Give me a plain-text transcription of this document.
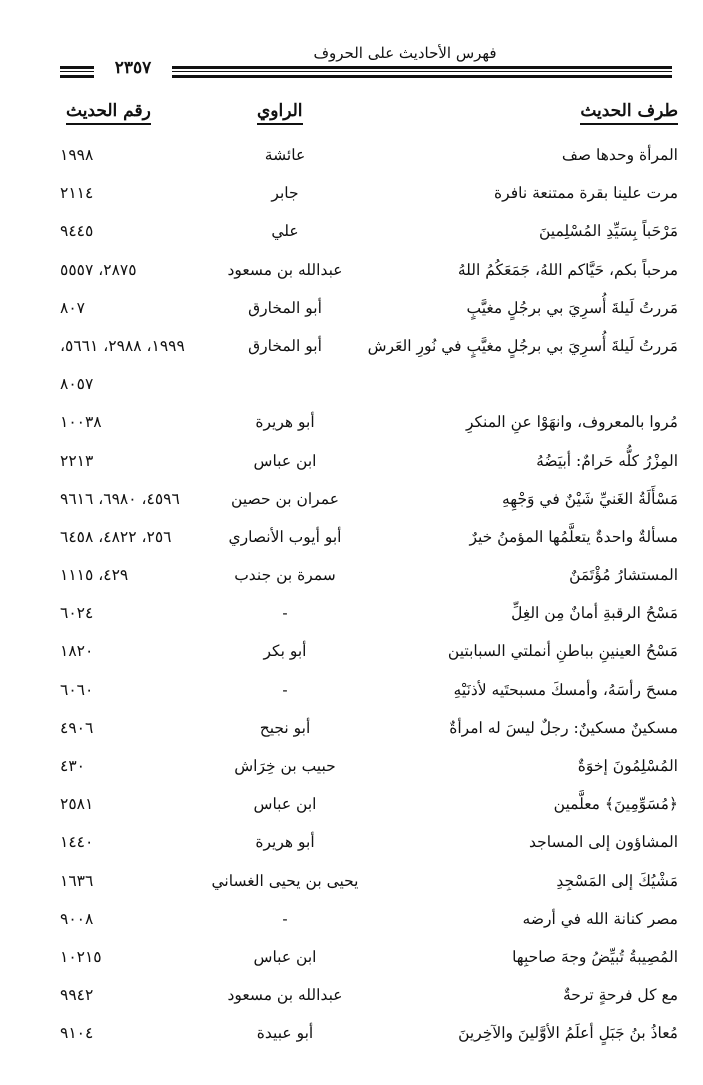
فهرس الأحاديث على الحروف
٢٣٥٧
طرف الحديث
الراوي
رقم الحديث
المرأة وحدها صف
عائشة
١٩٩٨
مرت علينا بقرة ممتنعة نافرة
جابر
٢١١٤
مَرْحَباً بِسَيِّدِ المُسْلِمينَ
علي
٩٤٤٥
مرحباً بكم، حَيَّاكم اللهُ، جَمَعَكُمُ اللهُ
عبدالله بن مسعود
٢٨٧٥، ٥٥٥٧
مَررتُ لَيلةَ أُسرِيَ بي برجُلٍ مغيَّبٍ
أبو المخارق
٨٠٧
مَررتُ لَيلةَ أُسرِيَ بي برجُلٍ مغيَّبٍ في نُورِ العَرش
أبو المخارق
١٩٩٩، ٢٩٨٨، ٥٦٦١،
٨٠٥٧
مُروا بالمعروف، وانهَوْا عنِ المنكرِ
أبو هريرة
١٠٠٣٨
المِزْرُ كلُّه حَرامٌ: أبيَضُهُ
ابن عباس
٢٢١٣
مَسْأَلَةُ الغَنيِّ شَيْنٌ في وَجْهِهِ
عمران بن حصين
٤٥٩٦، ٦٩٨٠، ٩٦١٦
مسألةٌ واحدةٌ يتعلَّمُها المؤمنُ خيرٌ
أبو أيوب الأنصاري
٢٥٦، ٤٨٢٢، ٦٤٥٨
المستشارُ مُؤْتَمَنٌ
سمرة بن جندب
٤٢٩، ١١١٥
مَسْحُ الرقبةِ أمانٌ مِن الغِلِّ
-
٦٠٢٤
مَسْحُ العينينِ بباطنِ أنملتي السبابتين
أبو بكر
١٨٢٠
مسحَ رأسَهُ، وأمسكَ مسبحتَيه لأذنَيْهِ
-
٦٠٦٠
مسكينٌ مسكينٌ: رجلٌ ليسَ له امرأةٌ
أبو نجيح
٤٩٠٦
المُسْلِمُونَ إخوَةٌ
حبيب بن خِرَاش
٤٣٠
﴿مُسَوِّمِينَ﴾ معلَّمين
ابن عباس
٢٥٨١
المشاؤون إلى المساجد
أبو هريرة
١٤٤٠
مَشْيُكَ إلى المَسْجِدِ
يحيى بن يحيى الغساني
١٦٣٦
مصر كنانة الله في أرضه
-
٩٠٠٨
المُصِيبةُ تُبيِّضُ وجهَ صاحبِها
ابن عباس
١٠٢١٥
مع كل فرحةٍ ترحةٌ
عبدالله بن مسعود
٩٩٤٢
مُعاذُ بنُ جَبَلٍ أعلَمُ الأوَّلينَ والآخِرينَ
أبو عبيدة
٩١٠٤
